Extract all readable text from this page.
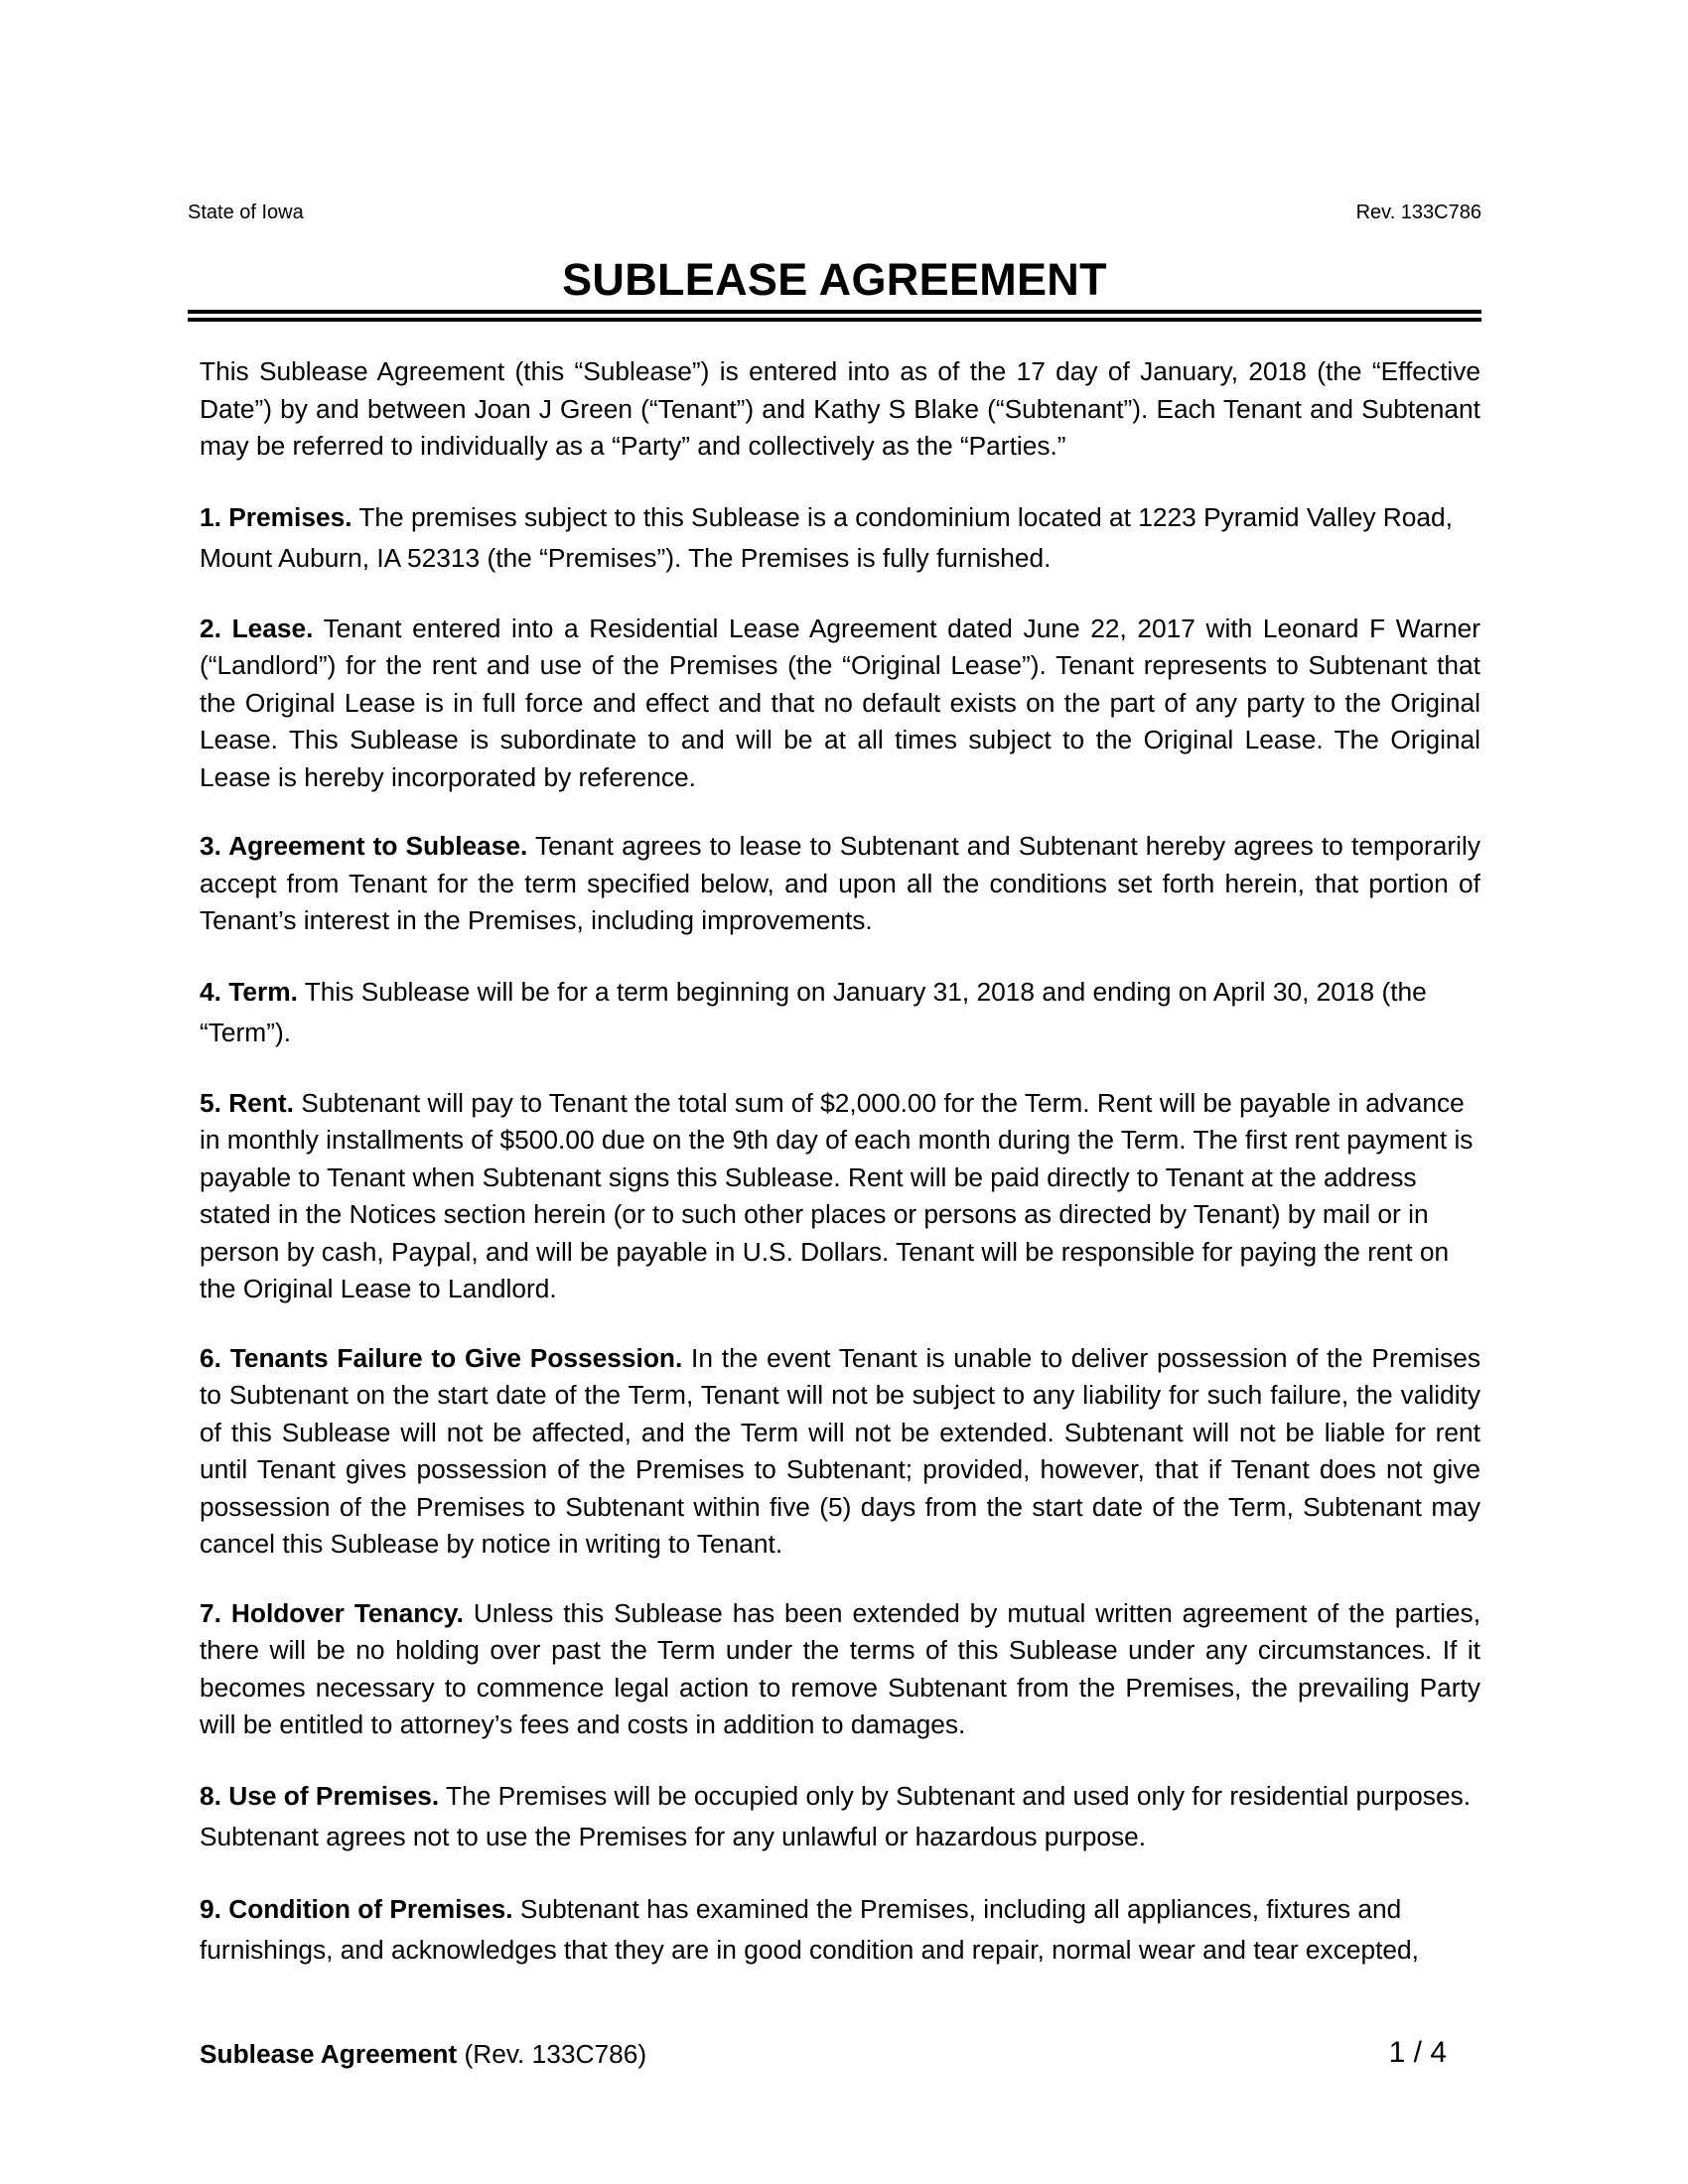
State of Iowa	Rev. 133C786
SUBLEASE AGREEMENT

This Sublease Agreement (this “Sublease”) is entered into as of the 17 day of January, 2018 (the “Effective Date”) by and between Joan J Green (“Tenant”) and Kathy S Blake (“Subtenant”). Each Tenant and Subtenant may be referred to individually as a “Party” and collectively as the “Parties.”

1. Premises. The premises subject to this Sublease is a condominium located at 1223 Pyramid Valley Road, Mount Auburn, IA 52313 (the “Premises”). The Premises is fully furnished.

2. Lease. Tenant entered into a Residential Lease Agreement dated June 22, 2017 with Leonard F Warner (“Landlord”) for the rent and use of the Premises (the “Original Lease”). Tenant represents to Subtenant that the Original Lease is in full force and effect and that no default exists on the part of any party to the Original Lease. This Sublease is subordinate to and will be at all times subject to the Original Lease. The Original Lease is hereby incorporated by reference.

3. Agreement to Sublease. Tenant agrees to lease to Subtenant and Subtenant hereby agrees to temporarily accept from Tenant for the term specified below, and upon all the conditions set forth herein, that portion of Tenant’s interest in the Premises, including improvements.

4. Term. This Sublease will be for a term beginning on January 31, 2018 and ending on April 30, 2018 (the “Term”).

5. Rent. Subtenant will pay to Tenant the total sum of $2,000.00 for the Term. Rent will be payable in advance in monthly installments of $500.00 due on the 9th day of each month during the Term. The first rent payment is payable to Tenant when Subtenant signs this Sublease. Rent will be paid directly to Tenant at the address stated in the Notices section herein (or to such other places or persons as directed by Tenant) by mail or in person by cash, Paypal, and will be payable in U.S. Dollars. Tenant will be responsible for paying the rent on the Original Lease to Landlord.

6. Tenants Failure to Give Possession. In the event Tenant is unable to deliver possession of the Premises to Subtenant on the start date of the Term, Tenant will not be subject to any liability for such failure, the validity of this Sublease will not be affected, and the Term will not be extended. Subtenant will not be liable for rent until Tenant gives possession of the Premises to Subtenant; provided, however, that if Tenant does not give possession of the Premises to Subtenant within five (5) days from the start date of the Term, Subtenant may cancel this Sublease by notice in writing to Tenant.

7. Holdover Tenancy. Unless this Sublease has been extended by mutual written agreement of the parties, there will be no holding over past the Term under the terms of this Sublease under any circumstances. If it becomes necessary to commence legal action to remove Subtenant from the Premises, the prevailing Party will be entitled to attorney’s fees and costs in addition to damages.

8. Use of Premises. The Premises will be occupied only by Subtenant and used only for residential purposes. Subtenant agrees not to use the Premises for any unlawful or hazardous purpose.

9. Condition of Premises. Subtenant has examined the Premises, including all appliances, fixtures and furnishings, and acknowledges that they are in good condition and repair, normal wear and tear excepted,

Sublease Agreement (Rev. 133C786)	1 / 4
